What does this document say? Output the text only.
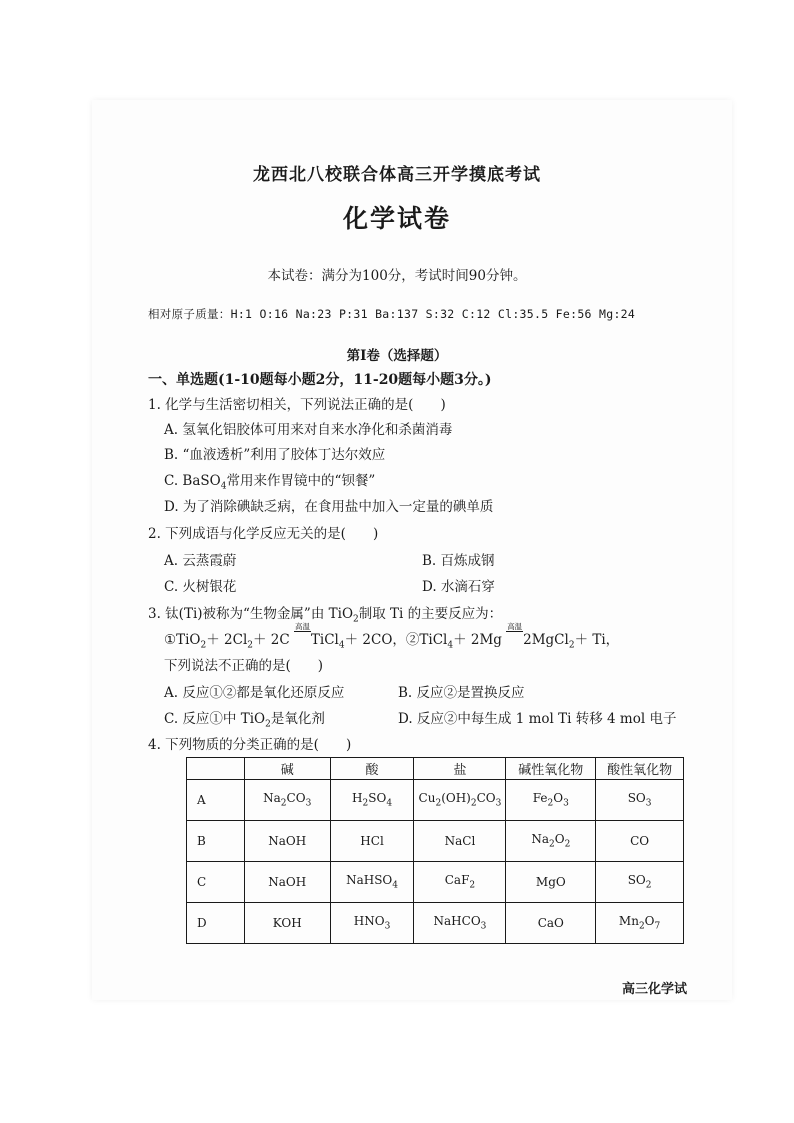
龙西北八校联合体高三开学摸底考试
化学试卷
本试卷：满分为100分，考试时间90分钟。
相对原子质量：H:1 O:16 Na:23 P:31 Ba:137 S:32 C:12 Cl:35.5 Fe:56 Mg:24
第Ⅰ卷（选择题）
一、单选题(1-10题每小题2分，11-20题每小题3分。)
1. 化学与生活密切相关，下列说法正确的是(　　)
A. 氢氧化铝胶体可用来对自来水净化和杀菌消毒
B. “血液透析”利用了胶体丁达尔效应
C. BaSO$_4$常用来作胃镜中的“钡餐”
D. 为了消除碘缺乏病，在食用盐中加入一定量的碘单质
2. 下列成语与化学反应无关的是(　　)
A. 云蒸霞蔚	B. 百炼成钢
C. 火树银花	D. 水滴石穿
3. 钛(Ti)被称为“生物金属”由 TiO$_2$制取 Ti 的主要反应为：
①TiO$_2$＋ $2Cl_2+ 2C$
高温
TiCl$_4$＋ 2CO，②TiCl$_4$＋ 2Mg
高温
2MgCl$_2$＋ Ti，
下列说法不正确的是(　　)
A. 反应①②都是氧化还原反应	B. 反应②是置换反应
C. 反应①中 TiO$_2$是氧化剂	D. 反应②中每生成 1 mol Ti 转移 4 mol 电子
4. 下列物质的分类正确的是(　　)
	碱	酸	盐	碱性氧化物	酸性氧化物
A	$Na_2CO_3$	$H_2SO_4$	$Cu_2(OH)_2CO_3$	$Fe_2O_3$	$SO_3$
B	NaOH	HCl	NaCl	$Na_2O_2$	CO
C	NaOH	NaHSO$_4$	CaF$_2$	MgO	$SO_2$
D	KOH	$HNO_3$	NaHCO$_3$	CaO	$Mn_2O_7$
高三化学试
